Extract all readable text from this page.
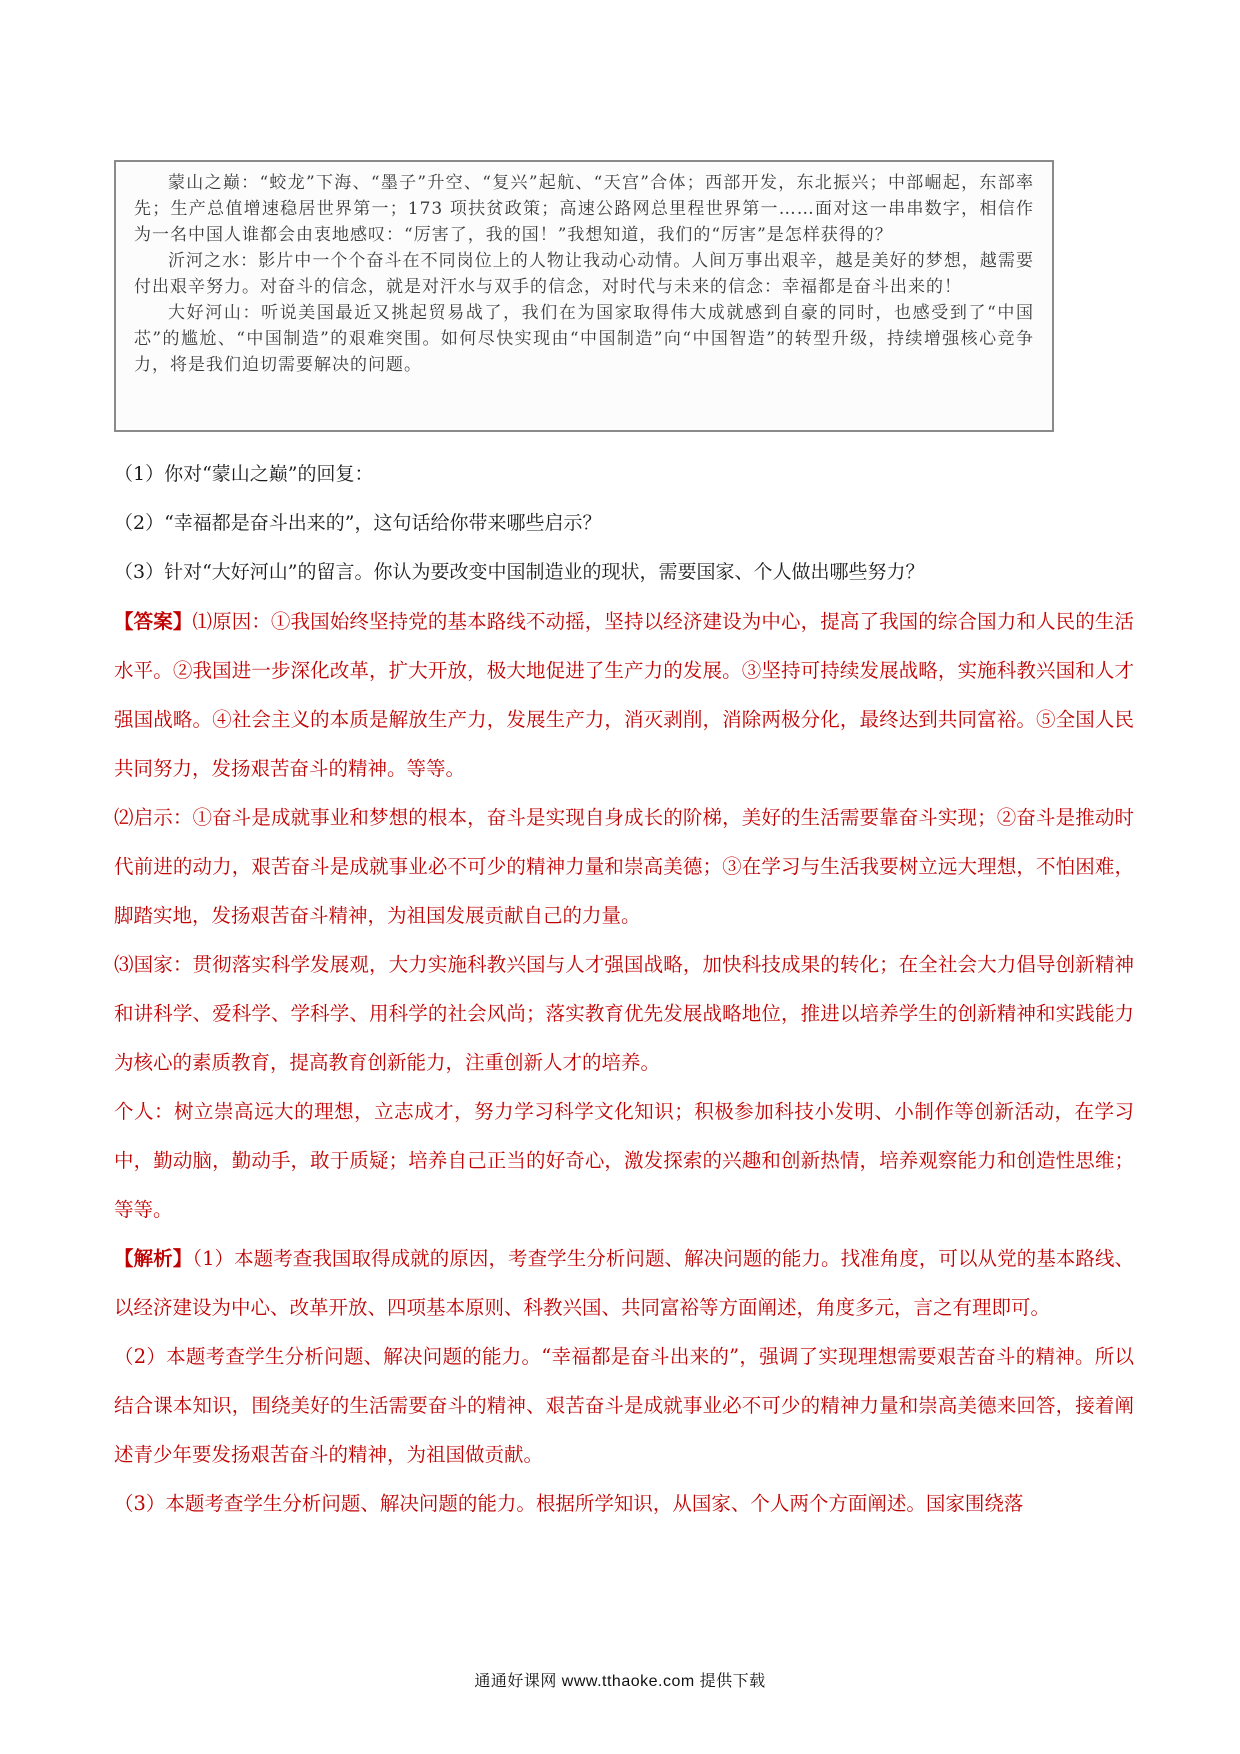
蒙山之巅：“蛟龙”下海、“墨子”升空、“复兴”起航、“天宫”合体；西部开发，东北振兴；中部崛起，东部率先；生产总值增速稳居世界第一；173 项扶贫政策；高速公路网总里程世界第一……面对这一串串数字，相信作为一名中国人谁都会由衷地感叹：“厉害了，我的国！”我想知道，我们的“厉害”是怎样获得的？

沂河之水：影片中一个个奋斗在不同岗位上的人物让我动心动情。人间万事出艰辛，越是美好的梦想，越需要付出艰辛努力。对奋斗的信念，就是对汗水与双手的信念，对时代与未来的信念：幸福都是奋斗出来的！

大好河山：听说美国最近又挑起贸易战了，我们在为国家取得伟大成就感到自豪的同时，也感受到了“中国芯”的尴尬、“中国制造”的艰难突围。如何尽快实现由“中国制造”向“中国智造”的转型升级，持续增强核心竞争力，将是我们迫切需要解决的问题。

（1）你对“蒙山之巅”的回复：

（2）“幸福都是奋斗出来的”，这句话给你带来哪些启示？

（3）针对“大好河山”的留言。你认为要改变中国制造业的现状，需要国家、个人做出哪些努力？

【答案】⑴原因：①我国始终坚持党的基本路线不动摇，坚持以经济建设为中心，提高了我国的综合国力和人民的生活水平。②我国进一步深化改革，扩大开放，极大地促进了生产力的发展。③坚持可持续发展战略，实施科教兴国和人才强国战略。④社会主义的本质是解放生产力，发展生产力，消灭剥削，消除两极分化，最终达到共同富裕。⑤全国人民共同努力，发扬艰苦奋斗的精神。等等。

⑵启示：①奋斗是成就事业和梦想的根本，奋斗是实现自身成长的阶梯，美好的生活需要靠奋斗实现；②奋斗是推动时代前进的动力，艰苦奋斗是成就事业必不可少的精神力量和崇高美德；③在学习与生活我要树立远大理想，不怕困难，脚踏实地，发扬艰苦奋斗精神，为祖国发展贡献自己的力量。

⑶国家：贯彻落实科学发展观，大力实施科教兴国与人才强国战略，加快科技成果的转化；在全社会大力倡导创新精神和讲科学、爱科学、学科学、用科学的社会风尚；落实教育优先发展战略地位，推进以培养学生的创新精神和实践能力为核心的素质教育，提高教育创新能力，注重创新人才的培养。

个人：树立崇高远大的理想，立志成才，努力学习科学文化知识；积极参加科技小发明、小制作等创新活动，在学习中，勤动脑，勤动手，敢于质疑；培养自己正当的好奇心，激发探索的兴趣和创新热情，培养观察能力和创造性思维；等等。

【解析】（1）本题考查我国取得成就的原因，考查学生分析问题、解决问题的能力。找准角度，可以从党的基本路线、以经济建设为中心、改革开放、四项基本原则、科教兴国、共同富裕等方面阐述，角度多元，言之有理即可。

（2）本题考查学生分析问题、解决问题的能力。“幸福都是奋斗出来的”，强调了实现理想需要艰苦奋斗的精神。所以结合课本知识，围绕美好的生活需要奋斗的精神、艰苦奋斗是成就事业必不可少的精神力量和崇高美德来回答，接着阐述青少年要发扬艰苦奋斗的精神，为祖国做贡献。

（3）本题考查学生分析问题、解决问题的能力。根据所学知识，从国家、个人两个方面阐述。国家围绕落

通通好课网 www.tthaoke.com 提供下载
